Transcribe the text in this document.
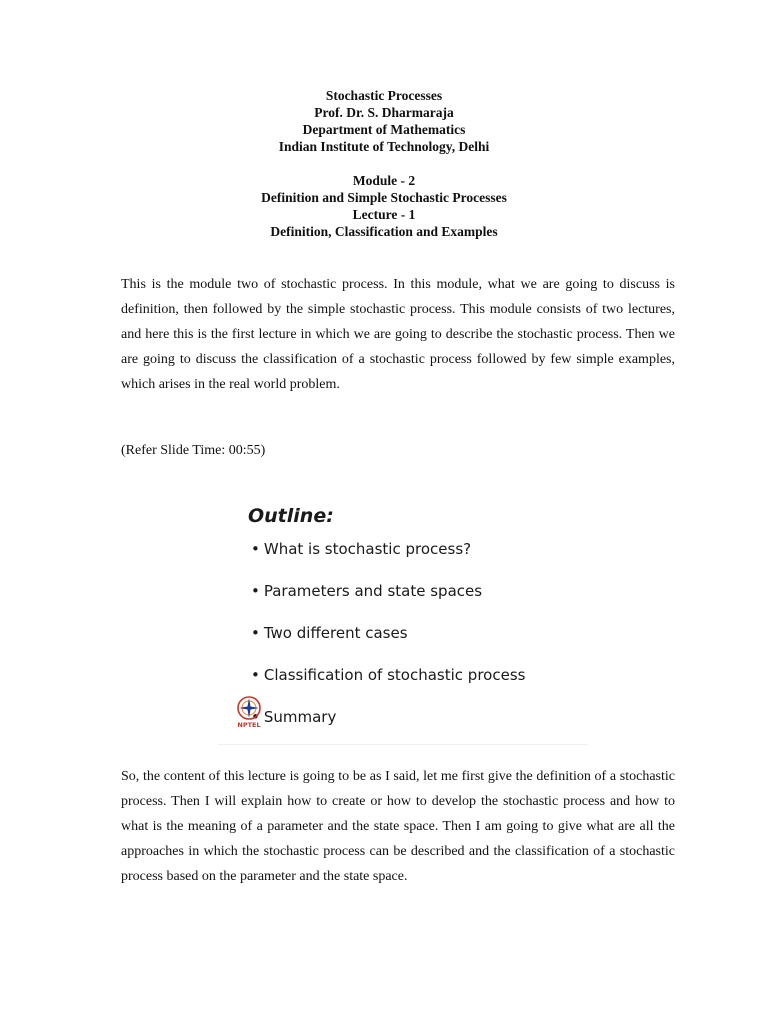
Stochastic Processes
Prof. Dr. S. Dharmaraja
Department of Mathematics
Indian Institute of Technology, Delhi
Module - 2
Definition and Simple Stochastic Processes
Lecture - 1
Definition, Classification and Examples
This is the module two of stochastic process. In this module, what we are going to discuss is definition, then followed by the simple stochastic process. This module consists of two lectures, and here this is the first lecture in which we are going to describe the stochastic process. Then we are going to discuss the classification of a stochastic process followed by few simple examples, which arises in the real world problem.
(Refer Slide Time: 00:55)
Outline:
• What is stochastic process?
• Parameters and state spaces
• Two different cases
• Classification of stochastic process
• Summary
NPTEL
So, the content of this lecture is going to be as I said, let me first give the definition of a stochastic process. Then I will explain how to create or how to develop the stochastic process and how to what is the meaning of a parameter and the state space. Then I am going to give what are all the approaches in which the stochastic process can be described and the classification of a stochastic process based on the parameter and the state space.
